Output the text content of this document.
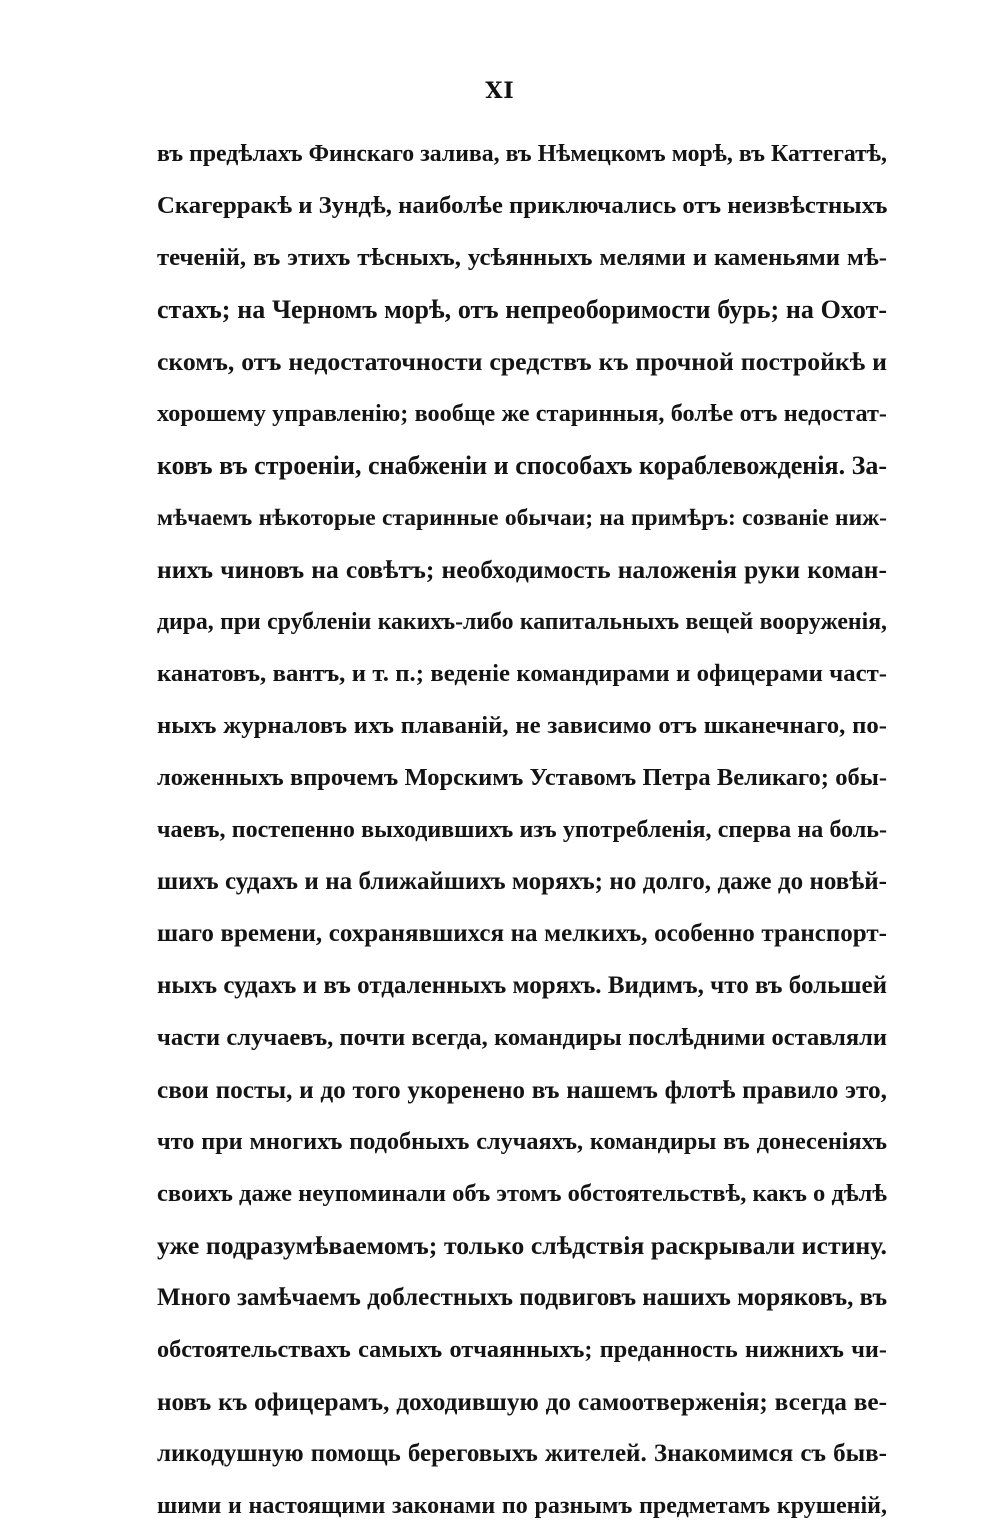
XI
въ предѣлахъ Финскаго залива, въ Нѣмецкомъ морѣ, въ Каттегатѣ,
Скагерракѣ и Зундѣ, наиболѣе приключались отъ неизвѣстныхъ
теченій, въ этихъ тѣсныхъ, усѣянныхъ мелями и каменьями мѣ-
стахъ; на Черномъ морѣ, отъ непреоборимости бурь; на Охот-
скомъ, отъ недостаточности средствъ къ прочной постройкѣ и
хорошему управленію; вообще же старинныя, болѣе отъ недостат-
ковъ въ строеніи, снабженіи и способахъ кораблевожденія. За-
мѣчаемъ нѣкоторые старинные обычаи; на примѣръ: созваніе ниж-
нихъ чиновъ на совѣтъ; необходимость наложенія руки коман-
дира, при срубленіи какихъ-либо капитальныхъ вещей вооруженія,
канатовъ, вантъ, и т. п.; веденіе командирами и офицерами част-
ныхъ журналовъ ихъ плаваній, не зависимо отъ шканечнаго, по-
ложенныхъ впрочемъ Морскимъ Уставомъ Петра Великаго; обы-
чаевъ, постепенно выходившихъ изъ употребленія, сперва на боль-
шихъ судахъ и на ближайшихъ моряхъ; но долго, даже до новѣй-
шаго времени, сохранявшихся на мелкихъ, особенно транспорт-
ныхъ судахъ и въ отдаленныхъ моряхъ. Видимъ, что въ большей
части случаевъ, почти всегда, командиры послѣдними оставляли
свои посты, и до того укоренено въ нашемъ флотѣ правило это,
что при многихъ подобныхъ случаяхъ, командиры въ донесеніяхъ
своихъ даже неупоминали объ этомъ обстоятельствѣ, какъ о дѣлѣ
уже подразумѣваемомъ; только слѣдствія раскрывали истину.
Много замѣчаемъ доблестныхъ подвиговъ нашихъ моряковъ, въ
обстоятельствахъ самыхъ отчаянныхъ; преданность нижнихъ чи-
новъ къ офицерамъ, доходившую до самоотверженія; всегда ве-
ликодушную помощь береговыхъ жителей. Знакомимся съ быв-
шими и настоящими законами по разнымъ предметамъ крушеній,
